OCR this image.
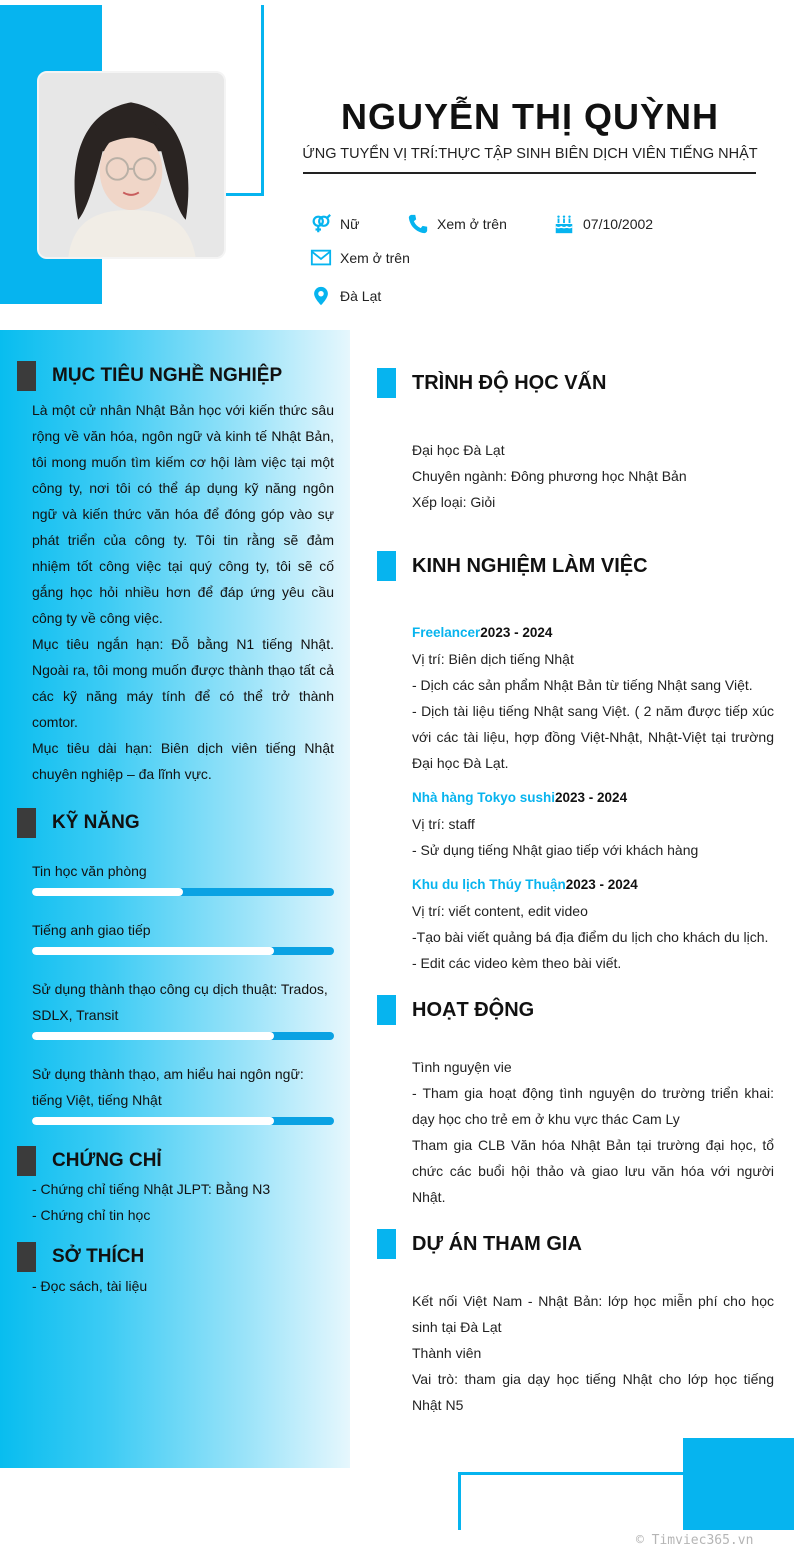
NGUYỄN THỊ QUỲNH
ỨNG TUYỂN VỊ TRÍ:THỰC TẬP SINH BIÊN DỊCH VIÊN TIẾNG NHẬT
Nữ	Xem ở trên	07/10/2002
Xem ở trên
Đà Lạt
MỤC TIÊU NGHỀ NGHIỆP
Là một cử nhân Nhật Bản học với kiến thức sâu rộng về văn hóa, ngôn ngữ và kinh tế Nhật Bản, tôi mong muốn tìm kiếm cơ hội làm việc tại một công ty, nơi tôi có thể áp dụng kỹ năng ngôn ngữ và kiến thức văn hóa để đóng góp vào sự phát triển của công ty. Tôi tin rằng sẽ đảm nhiệm tốt công việc tại quý công ty, tôi sẽ cố gắng học hỏi nhiều hơn để đáp ứng yêu cầu công ty về công việc.
Mục tiêu ngắn hạn: Đỗ bằng N1 tiếng Nhật. Ngoài ra, tôi mong muốn được thành thạo tất cả các kỹ năng máy tính để có thể trở thành comtor.
Mục tiêu dài hạn: Biên dịch viên tiếng Nhật chuyên nghiệp – đa lĩnh vực.
KỸ NĂNG
Tin học văn phòng
Tiếng anh giao tiếp
Sử dụng thành thạo công cụ dịch thuật: Trados, SDLX, Transit
Sử dụng thành thạo, am hiểu hai ngôn ngữ: tiếng Việt, tiếng Nhật
CHỨNG CHỈ
- Chứng chỉ tiếng Nhật JLPT: Bằng N3
- Chứng chỉ tin học
SỞ THÍCH
- Đọc sách, tài liệu
TRÌNH ĐỘ HỌC VẤN
Đại học Đà Lạt
Chuyên ngành: Đông phương học Nhật Bản
Xếp loại: Giỏi
KINH NGHIỆM LÀM VIỆC
Freelancer2023 - 2024
Vị trí: Biên dịch tiếng Nhật
- Dịch các sản phẩm Nhật Bản từ tiếng Nhật sang Việt.
- Dịch tài liệu tiếng Nhật sang Việt. ( 2 năm được tiếp xúc với các tài liệu, hợp đồng Việt-Nhật, Nhật-Việt tại trường Đại học Đà Lạt.
Nhà hàng Tokyo sushi2023 - 2024
Vị trí: staff
- Sử dụng tiếng Nhật giao tiếp với khách hàng
Khu du lịch Thúy Thuận2023 - 2024
Vị trí: viết content, edit video
-Tạo bài viết quảng bá địa điểm du lịch cho khách du lịch.
- Edit các video kèm theo bài viết.
HOẠT ĐỘNG
Tình nguyện vie
- Tham gia hoạt động tình nguyện do trường triển khai: dạy học cho trẻ em ở khu vực thác Cam Ly
Tham gia CLB Văn hóa Nhật Bản tại trường đại học, tổ chức các buổi hội thảo và giao lưu văn hóa với người Nhật.
DỰ ÁN THAM GIA
Kết nối Việt Nam - Nhật Bản: lớp học miễn phí cho học sinh tại Đà Lạt
Thành viên
Vai trò: tham gia dạy học tiếng Nhật cho lớp học tiếng Nhật N5
© Timviec365.vn
